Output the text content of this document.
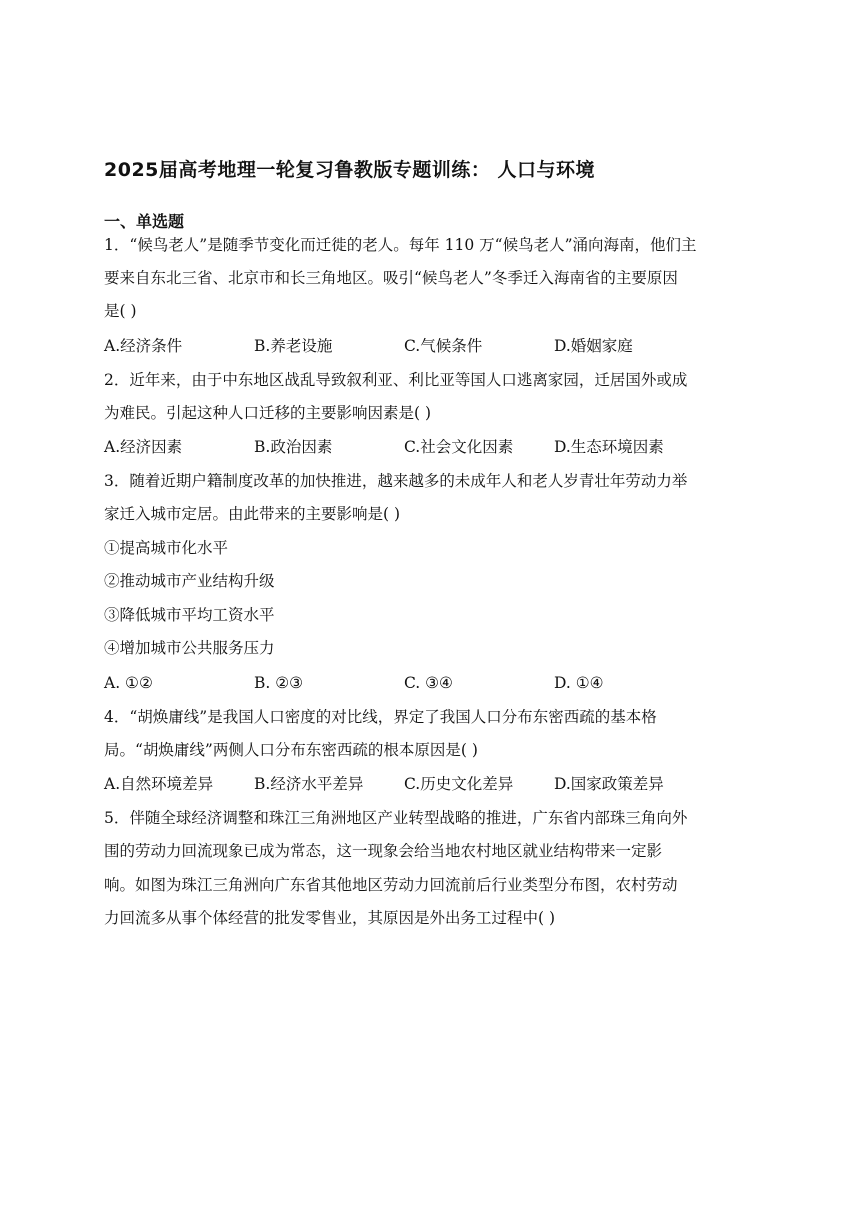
2025届高考地理一轮复习鲁教版专题训练： 人口与环境
一、单选题
1．“候鸟老人”是随季节变化而迁徙的老人。每年 110 万“候鸟老人”涌向海南，他们主
要来自东北三省、北京市和长三角地区。吸引“候鸟老人”冬季迁入海南省的主要原因
是( )
A.经济条件	B.养老设施	C.气候条件	D.婚姻家庭
2．近年来，由于中东地区战乱导致叙利亚、利比亚等国人口逃离家园，迁居国外或成
为难民。引起这种人口迁移的主要影响因素是( )
A.经济因素	B.政治因素	C.社会文化因素	D.生态环境因素
3．随着近期户籍制度改革的加快推进，越来越多的未成年人和老人岁青壮年劳动力举
家迁入城市定居。由此带来的主要影响是( )
①提高城市化水平
②推动城市产业结构升级
③降低城市平均工资水平
④增加城市公共服务压力
A. ①②	B. ②③	C. ③④	D. ①④
4．“胡焕庸线”是我国人口密度的对比线，界定了我国人口分布东密西疏的基本格
局。“胡焕庸线”两侧人口分布东密西疏的根本原因是( )
A.自然环境差异	B.经济水平差异	C.历史文化差异	D.国家政策差异
5．伴随全球经济调整和珠江三角洲地区产业转型战略的推进，广东省内部珠三角向外
围的劳动力回流现象已成为常态，这一现象会给当地农村地区就业结构带来一定影
响。如图为珠江三角洲向广东省其他地区劳动力回流前后行业类型分布图，农村劳动
力回流多从事个体经营的批发零售业，其原因是外出务工过程中( )
